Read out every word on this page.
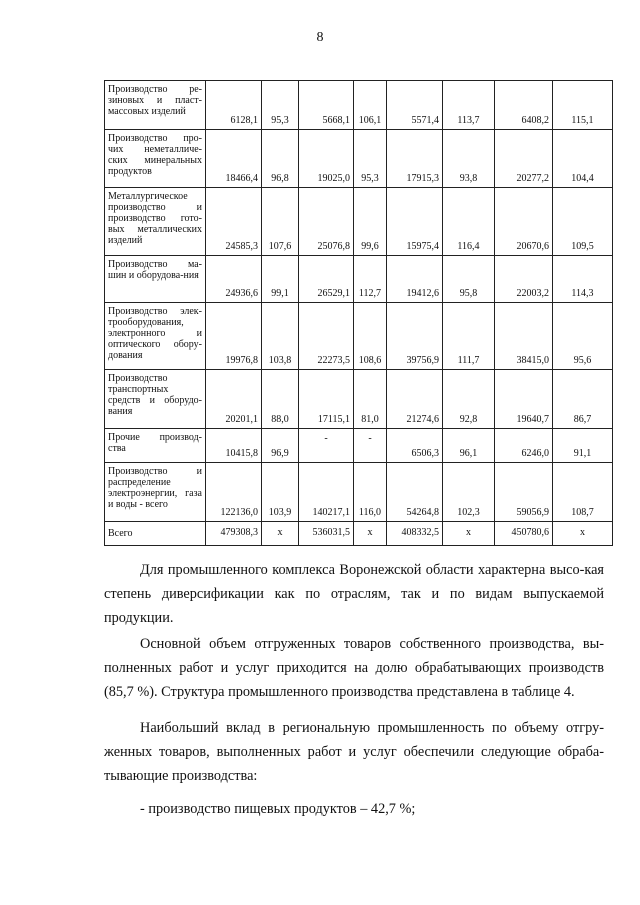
8
Производство ре-зиновых и пласт-массовых изделий	6128,1	95,3	5668,1	106,1	5571,4	113,7	6408,2	115,1
Производство про-чих неметалличе-ских минеральных продуктов	18466,4	96,8	19025,0	95,3	17915,3	93,8	20277,2	104,4
Металлургическое производство и производство гото-вых металлических изделий	24585,3	107,6	25076,8	99,6	15975,4	116,4	20670,6	109,5
Производство ма-шин и оборудова-ния	24936,6	99,1	26529,1	112,7	19412,6	95,8	22003,2	114,3
Производство элек-трооборудования, электронного и оптического обору-дования	19976,8	103,8	22273,5	108,6	39756,9	111,7	38415,0	95,6
Производство транспортных средств и оборудо-вания	20201,1	88,0	17115,1	81,0	21274,6	92,8	19640,7	86,7
Прочие производ-ства	10415,8	96,9	-	-	6506,3	96,1	6246,0	91,1
Производство и распределение электроэнергии, газа и воды - всего	122136,0	103,9	140217,1	116,0	54264,8	102,3	59056,9	108,7
Всего	479308,3	х	536031,5	х	408332,5	х	450780,6	х

Для промышленного комплекса Воронежской области характерна высо-кая степень диверсификации как по отраслям, так и по видам выпускаемой продукции.

Основной объем отгруженных товаров собственного производства, вы-полненных работ и услуг приходится на долю обрабатывающих производств (85,7 %). Структура промышленного производства представлена в таблице 4.

Наибольший вклад в региональную промышленность по объему отгру-женных товаров, выполненных работ и услуг обеспечили следующие обраба-тывающие производства:

- производство пищевых продуктов – 42,7 %;
